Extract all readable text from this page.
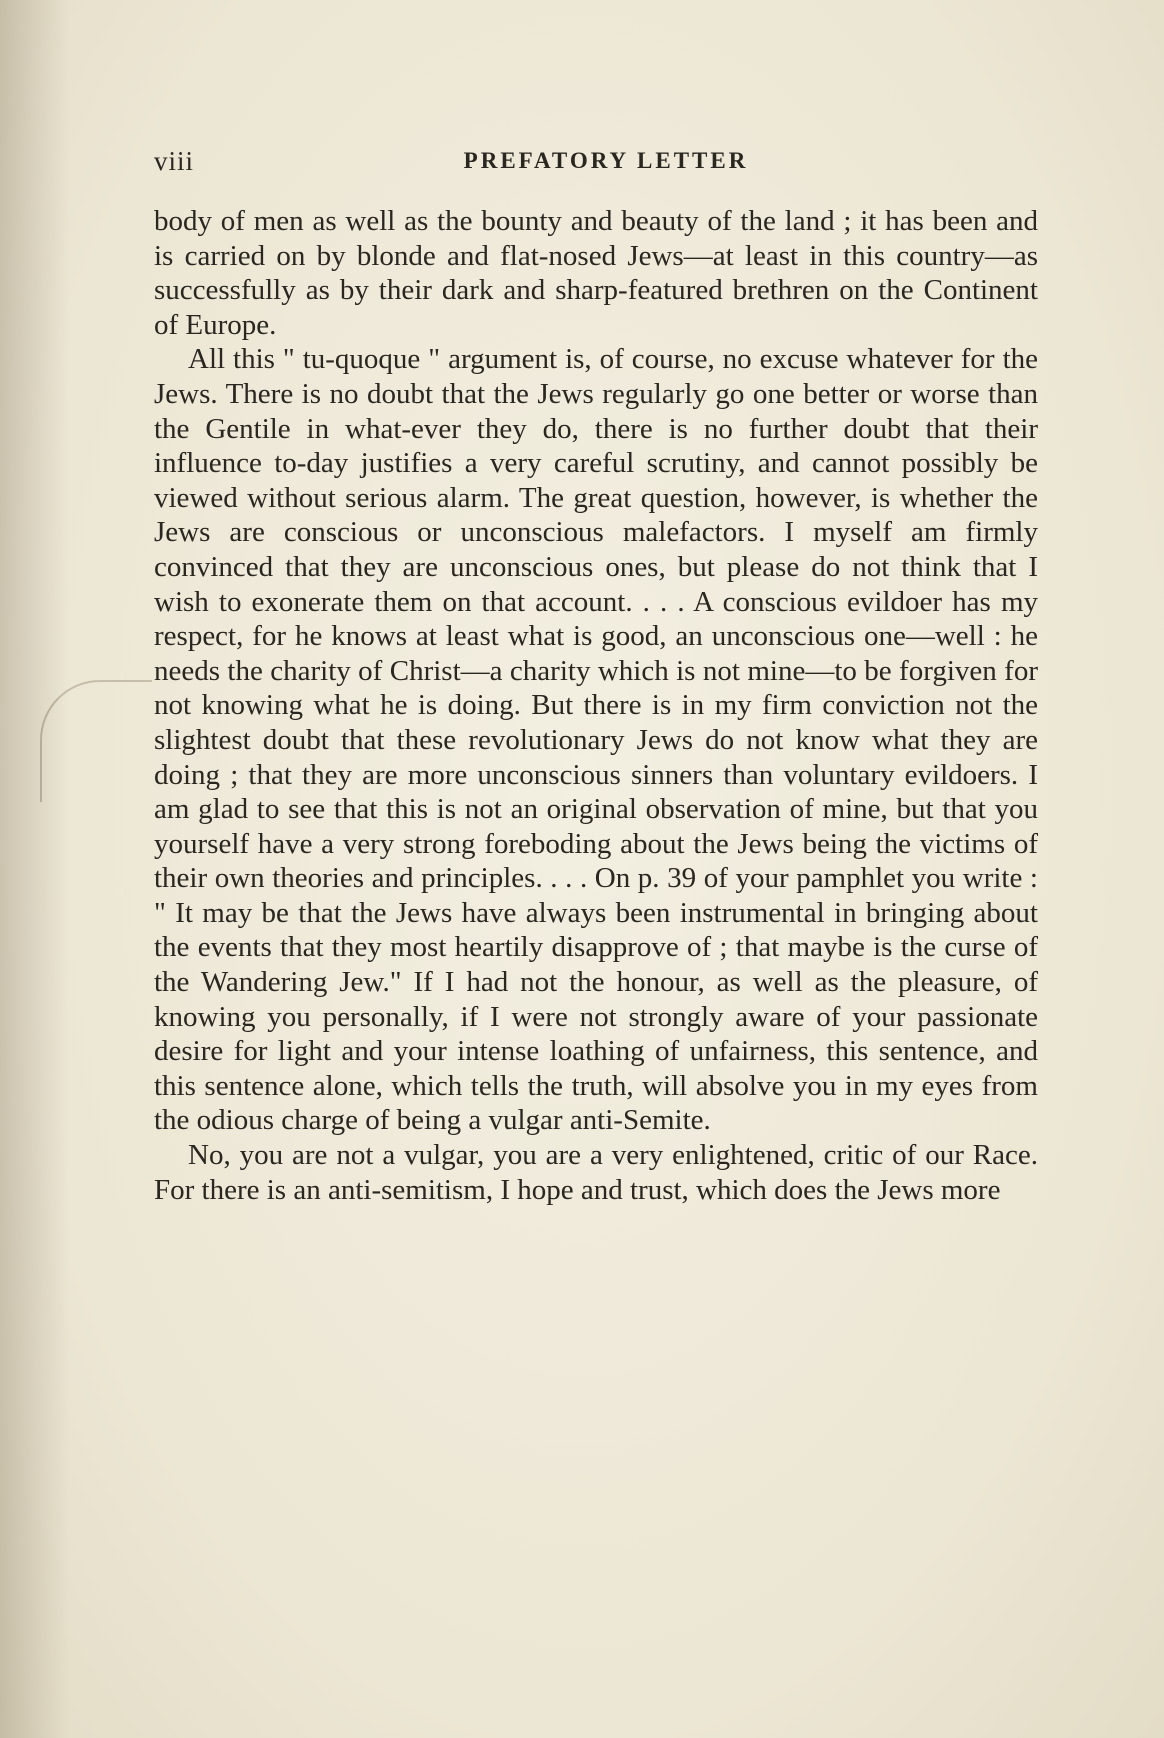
viii	PREFATORY LETTER

body of men as well as the bounty and beauty of the land ; it has been and is carried on by blonde and flat-nosed Jews—at least in this country—as successfully as by their dark and sharp-featured brethren on the Continent of Europe.

All this " tu-quoque " argument is, of course, no excuse whatever for the Jews. There is no doubt that the Jews regularly go one better or worse than the Gentile in what-ever they do, there is no further doubt that their influence to-day justifies a very careful scrutiny, and cannot possibly be viewed without serious alarm. The great question, however, is whether the Jews are conscious or unconscious malefactors. I myself am firmly convinced that they are unconscious ones, but please do not think that I wish to exonerate them on that account. . . . A conscious evildoer has my respect, for he knows at least what is good, an unconscious one—well : he needs the charity of Christ—a charity which is not mine—to be forgiven for not knowing what he is doing. But there is in my firm conviction not the slightest doubt that these revolutionary Jews do not know what they are doing ; that they are more unconscious sinners than voluntary evildoers. I am glad to see that this is not an original observation of mine, but that you yourself have a very strong foreboding about the Jews being the victims of their own theories and principles. . . . On p. 39 of your pamphlet you write : " It may be that the Jews have always been instrumental in bringing about the events that they most heartily disapprove of ; that maybe is the curse of the Wandering Jew." If I had not the honour, as well as the pleasure, of knowing you personally, if I were not strongly aware of your passionate desire for light and your intense loathing of unfairness, this sentence, and this sentence alone, which tells the truth, will absolve you in my eyes from the odious charge of being a vulgar anti-Semite.

No, you are not a vulgar, you are a very enlightened, critic of our Race. For there is an anti-semitism, I hope and trust, which does the Jews more
